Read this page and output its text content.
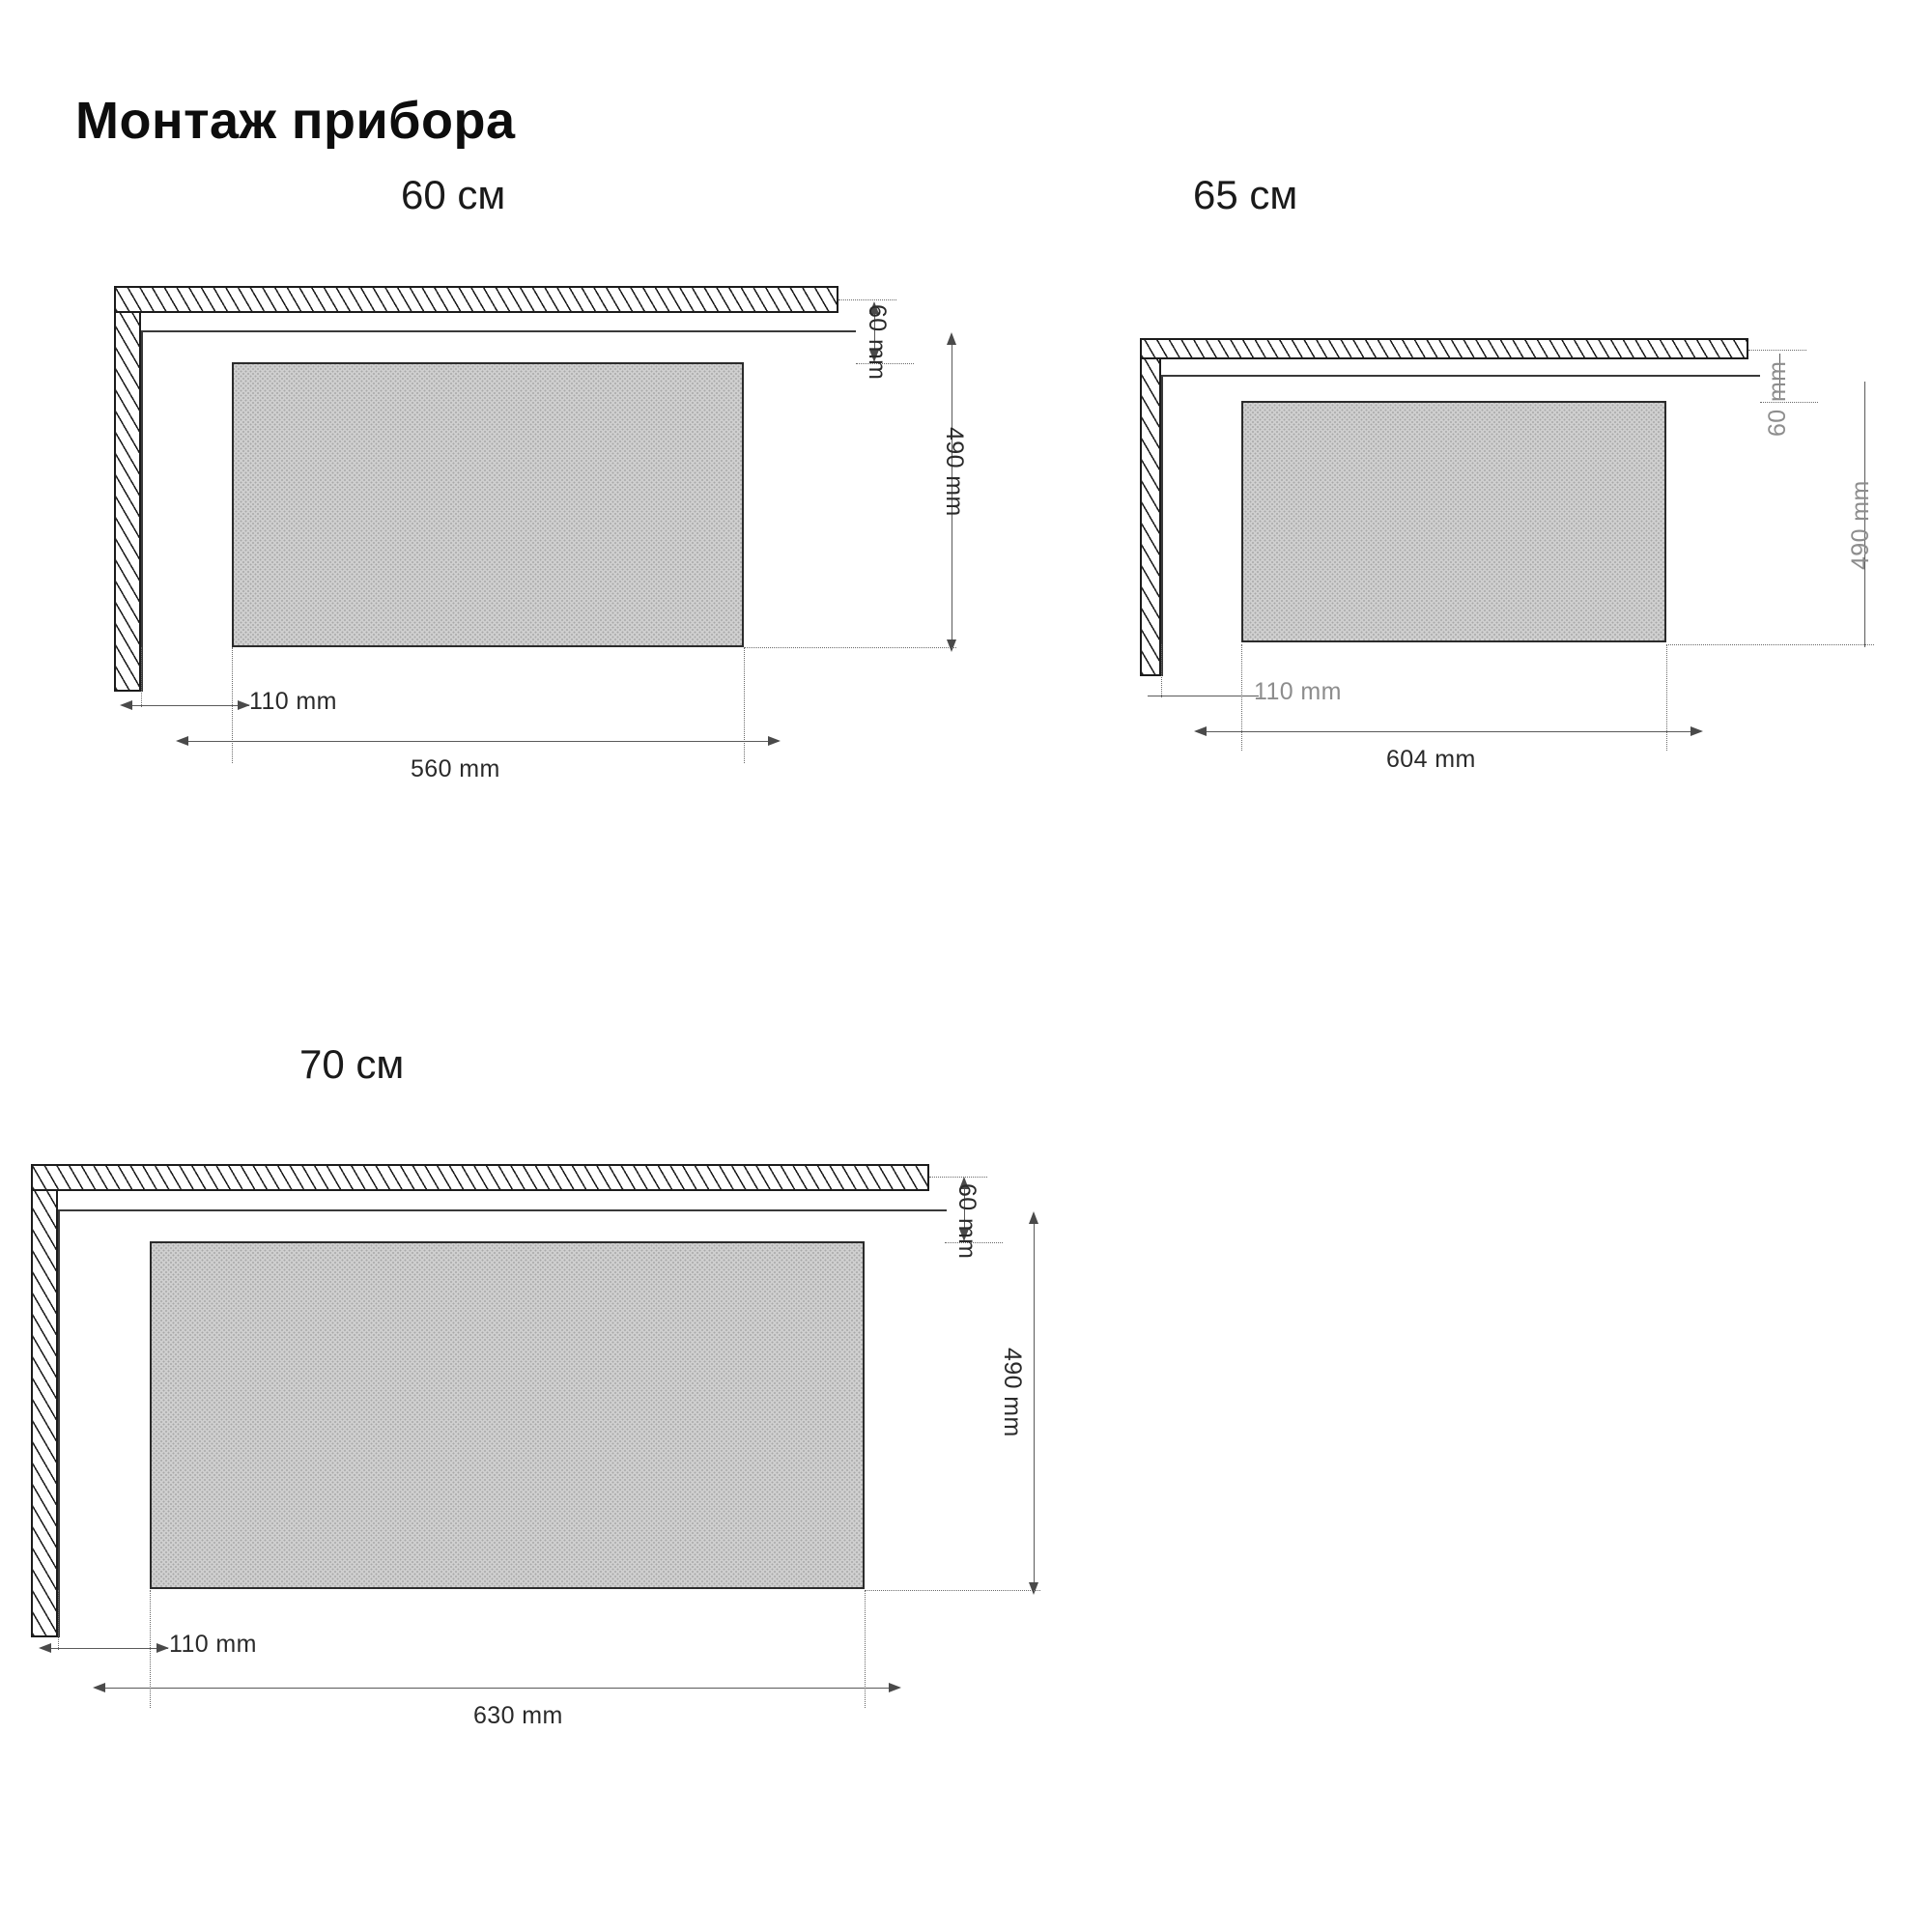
Монтаж прибора
60 cм
60 mm
490 mm
110 mm
560 mm
65 cм
60 mm
490 mm
110 mm
604 mm
70 cм
60 mm
490 mm
110 mm
630 mm
